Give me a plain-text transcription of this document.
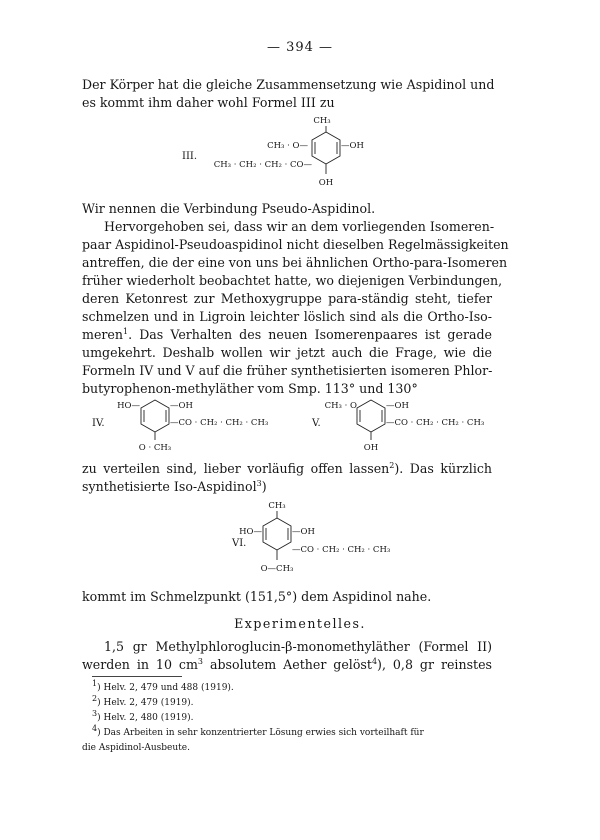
— 394 —
Der Körper hat die gleiche Zusammensetzung wie Aspidinol und
es kommt ihm daher wohl Formel III zu
III.
CH₃
CH₃ · O—	—OH
CH₃ · CH₂ · CH₂ · CO—
OH
Wir nennen die Verbindung Pseudo-Aspidinol.
Hervorgehoben sei, dass wir an dem vorliegenden Isomeren-
paar Aspidinol-Pseudoaspidinol nicht dieselben Regelmässigkeiten
antreffen, die der eine von uns bei ähnlichen Ortho-para-Isomeren
früher wiederholt beobachtet hatte, wo diejenigen Verbindungen,
deren Ketonrest zur Methoxygruppe para-ständig steht, tiefer
schmelzen und in Ligroin leichter löslich sind als die Ortho-Iso-
meren$^1$. Das Verhalten des neuen Isomerenpaares ist gerade
umgekehrt. Deshalb wollen wir jetzt auch die Frage, wie die
Formeln IV und V auf die früher synthetisierten isomeren Phlor-
butyrophenon-methyläther vom Smp. 113° und 130°
IV.
HO—	—OH
—CO · CH₂ · CH₂ · CH₃
O · CH₃
V.
CH₃ · O	—OH
—CO · CH₂ · CH₂ · CH₃
OH
zu verteilen sind, lieber vorläufig offen lassen$^2$). Das kürzlich
synthetisierte Iso-Aspidinol$^3$)
VI.
CH₃
HO—	—OH
—CO · CH₂ · CH₂ · CH₃
O—CH₃
kommt im Schmelzpunkt (151,5°) dem Aspidinol nahe.
Experimentelles.
1,5 gr Methylphloroglucin-β-monomethyläther (Formel II)
werden in 10 $cm^3$ absolutem Aether gelöst$^4$), 0,8 gr reinstes
$^1$) Helv. 2, 479 und 488 (1919).
$^2$) Helv. 2, 479 (1919).
$^3$) Helv. 2, 480 (1919).
$^4$) Das Arbeiten in sehr konzentrierter Lösung erwies sich vorteilhaft für
die Aspidinol-Ausbeute.
